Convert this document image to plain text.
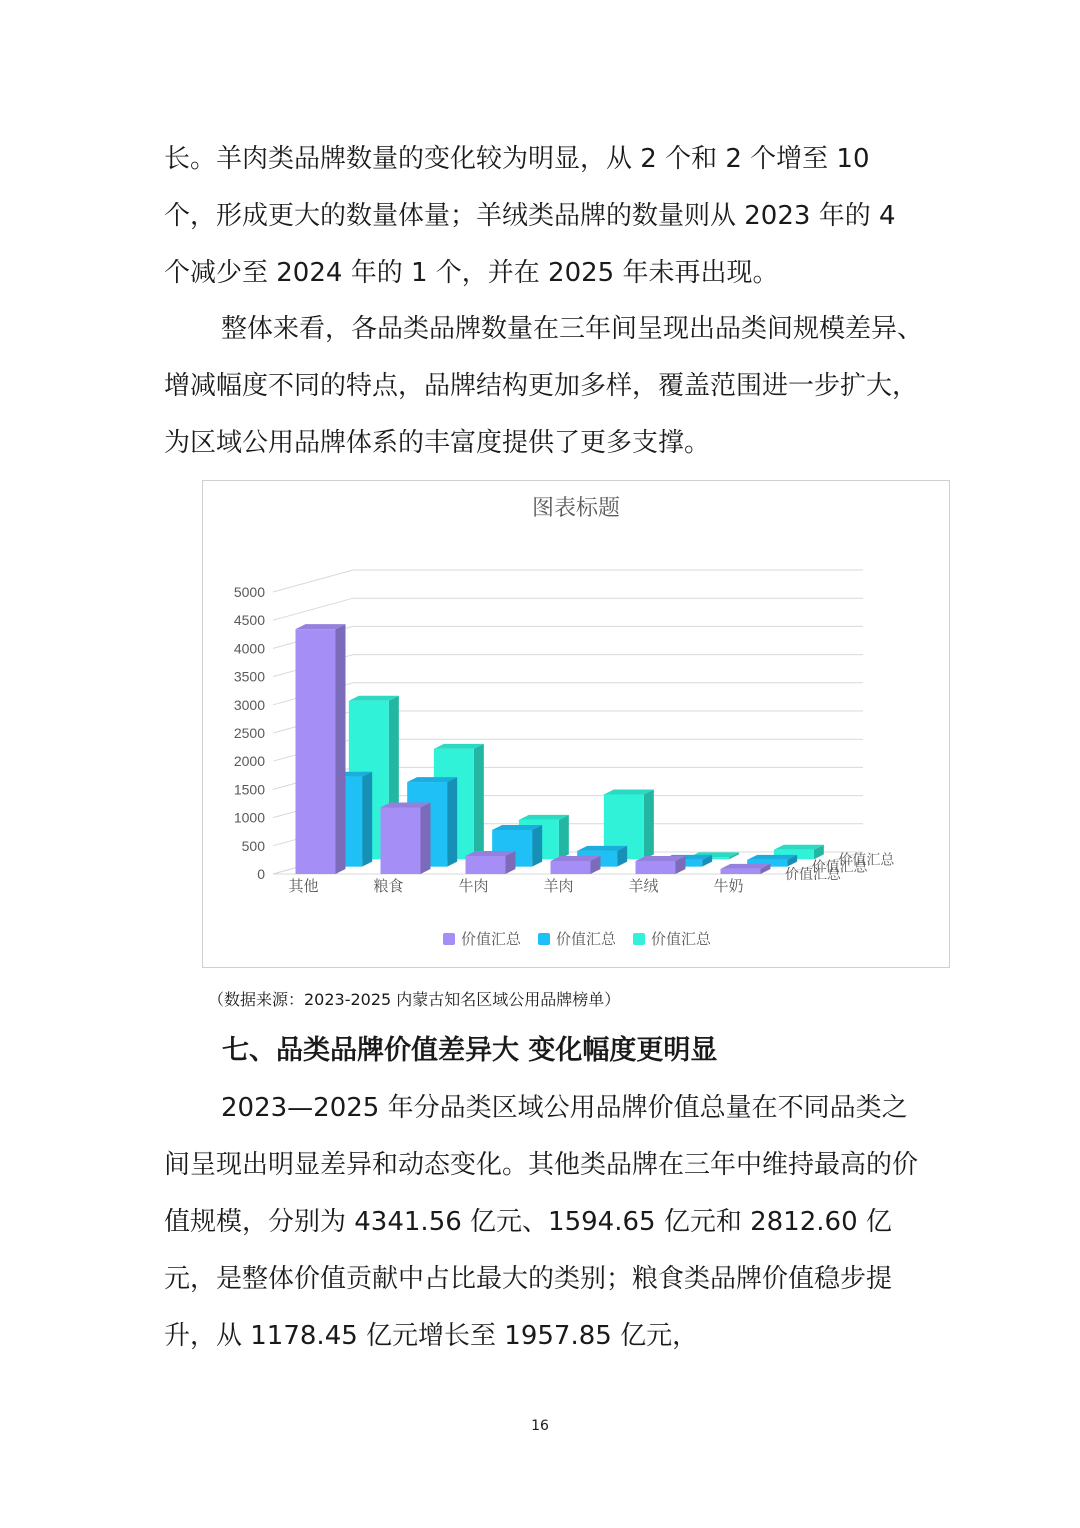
长。羊肉类品牌数量的变化较为明显，从 2 个和 2 个增至 10 个，形成更大的数量体量；羊绒类品牌的数量则从 2023 年的 4 个减少至 2024 年的 1 个，并在 2025 年未再出现。

整体来看，各品类品牌数量在三年间呈现出品类间规模差异、增减幅度不同的特点，品牌结构更加多样，覆盖范围进一步扩大，为区域公用品牌体系的丰富度提供了更多支撑。

图表标题
0
500
1000
1500
2000
2500
3000
3500
4000
4500
5000
价值汇总
价值汇总
价值汇总
其他	粮食	牛肉	羊肉	羊绒	牛奶
价值汇总 价值汇总 价值汇总

（数据来源：2023-2025 内蒙古知名区域公用品牌榜单）

七、品类品牌价值差异大 变化幅度更明显

2023—2025 年分品类区域公用品牌价值总量在不同品类之间呈现出明显差异和动态变化。其他类品牌在三年中维持最高的价值规模，分别为 4341.56 亿元、1594.65 亿元和 2812.60 亿元，是整体价值贡献中占比最大的类别；粮食类品牌价值稳步提升，从 1178.45 亿元增长至 1957.85 亿元，

16
